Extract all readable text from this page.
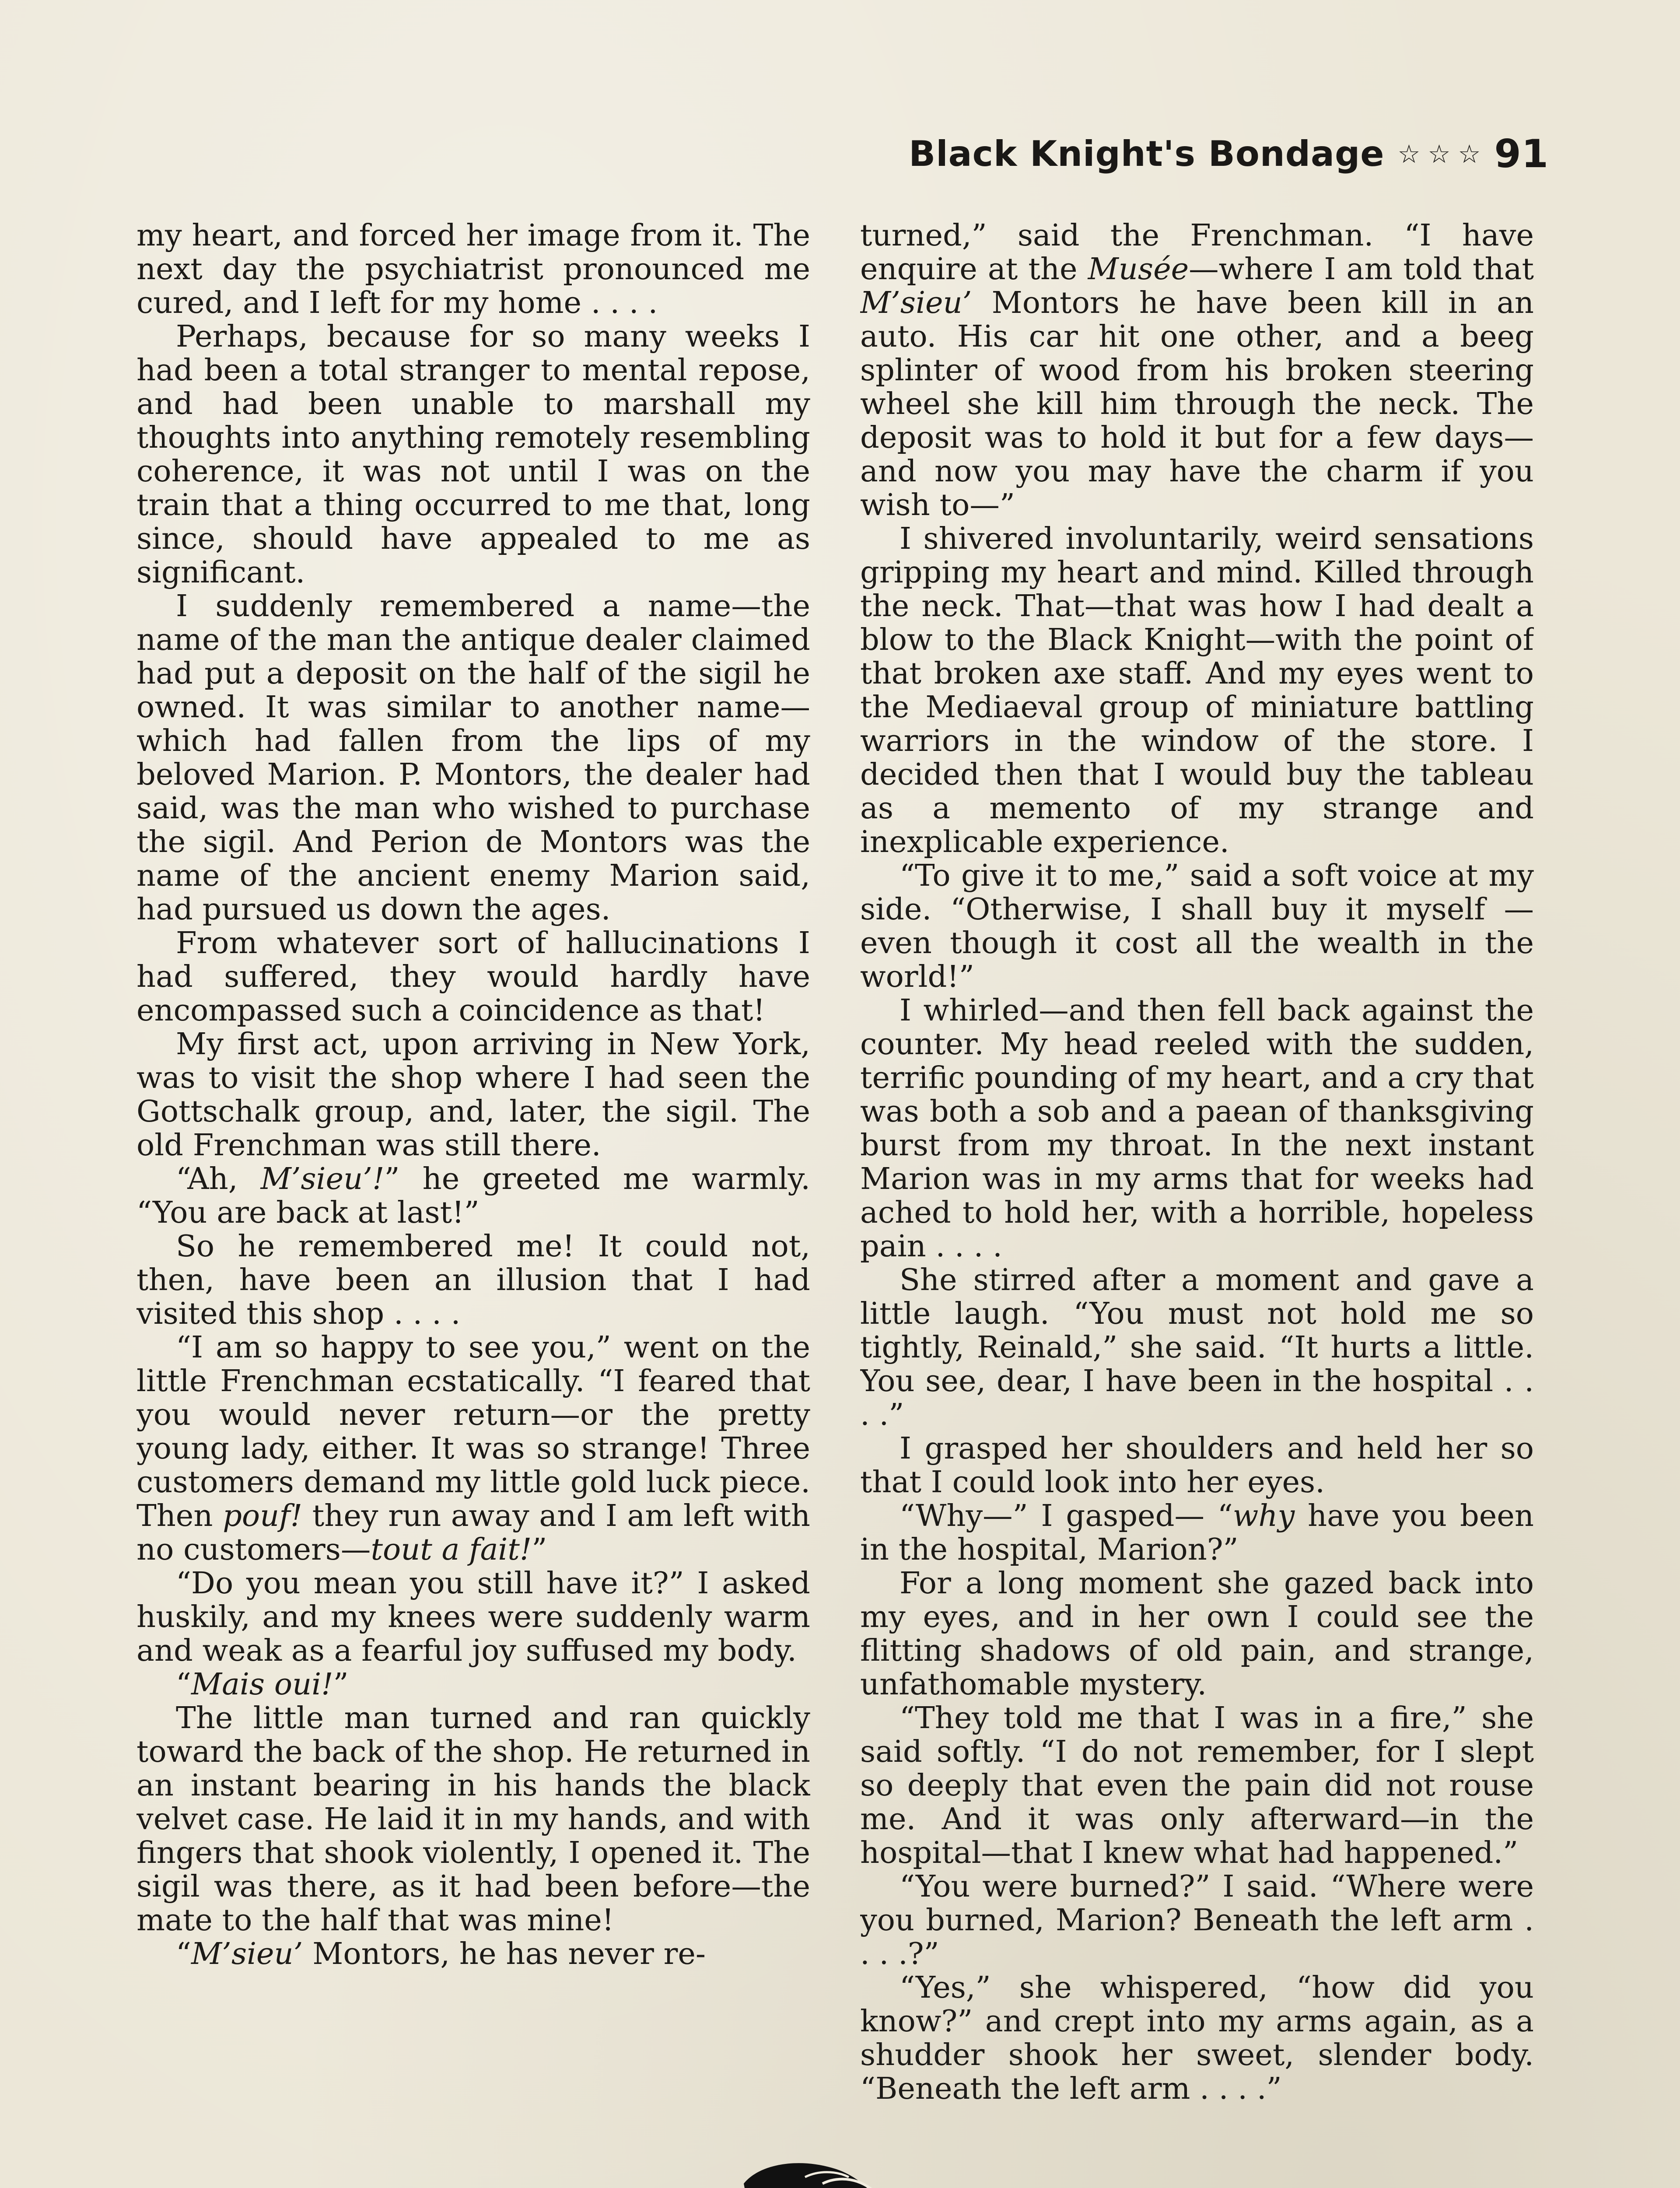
Black Knight's Bondage ☆ ☆ ☆ 91

my heart, and forced her image from it. The next day the psychiatrist pronounced me cured, and I left for my home . . . .

Perhaps, because for so many weeks I had been a total stranger to mental repose, and had been unable to marshall my thoughts into anything remotely resembling coherence, it was not until I was on the train that a thing occurred to me that, long since, should have appealed to me as significant.

I suddenly remembered a name—the name of the man the antique dealer claimed had put a deposit on the half of the sigil he owned. It was similar to another name—which had fallen from the lips of my beloved Marion. P. Montors, the dealer had said, was the man who wished to purchase the sigil. And Perion de Montors was the name of the ancient enemy Marion said, had pursued us down the ages.

From whatever sort of hallucinations I had suffered, they would hardly have encompassed such a coincidence as that!

My first act, upon arriving in New York, was to visit the shop where I had seen the Gottschalk group, and, later, the sigil. The old Frenchman was still there.

“Ah, M’sieu’!” he greeted me warmly. “You are back at last!”

So he remembered me! It could not, then, have been an illusion that I had visited this shop . . . .

“I am so happy to see you,” went on the little Frenchman ecstatically. “I feared that you would never return—or the pretty young lady, either. It was so strange! Three customers demand my little gold luck piece. Then pouf! they run away and I am left with no customers—tout a fait!”

“Do you mean you still have it?” I asked huskily, and my knees were suddenly warm and weak as a fearful joy suffused my body.

“Mais oui!”

The little man turned and ran quickly toward the back of the shop. He returned in an instant bearing in his hands the black velvet case. He laid it in my hands, and with fingers that shook violently, I opened it. The sigil was there, as it had been before—the mate to the half that was mine!

“M’sieu’ Montors, he has never re-

turned,” said the Frenchman. “I have enquire at the Musée—where I am told that M’sieu’ Montors he have been kill in an auto. His car hit one other, and a beeg splinter of wood from his broken steering wheel she kill him through the neck. The deposit was to hold it but for a few days—and now you may have the charm if you wish to—”

I shivered involuntarily, weird sensations gripping my heart and mind. Killed through the neck. That—that was how I had dealt a blow to the Black Knight—with the point of that broken axe staff. And my eyes went to the Mediaeval group of miniature battling warriors in the window of the store. I decided then that I would buy the tableau as a memento of my strange and inexplicable experience.

“To give it to me,” said a soft voice at my side. “Otherwise, I shall buy it myself — even though it cost all the wealth in the world!”

I whirled—and then fell back against the counter. My head reeled with the sudden, terrific pounding of my heart, and a cry that was both a sob and a paean of thanksgiving burst from my throat. In the next instant Marion was in my arms that for weeks had ached to hold her, with a horrible, hopeless pain . . . .

She stirred after a moment and gave a little laugh. “You must not hold me so tightly, Reinald,” she said. “It hurts a little. You see, dear, I have been in the hospital . . . .”

I grasped her shoulders and held her so that I could look into her eyes.

“Why—” I gasped— “why have you been in the hospital, Marion?”

For a long moment she gazed back into my eyes, and in her own I could see the flitting shadows of old pain, and strange, unfathomable mystery.

“They told me that I was in a fire,” she said softly. “I do not remember, for I slept so deeply that even the pain did not rouse me. And it was only afterward—in the hospital—that I knew what had happened.”

“You were burned?” I said. “Where were you burned, Marion? Beneath the left arm . . . .?”

“Yes,” she whispered, “how did you know?” and crept into my arms again, as a shudder shook her sweet, slender body. “Beneath the left arm . . . .”
